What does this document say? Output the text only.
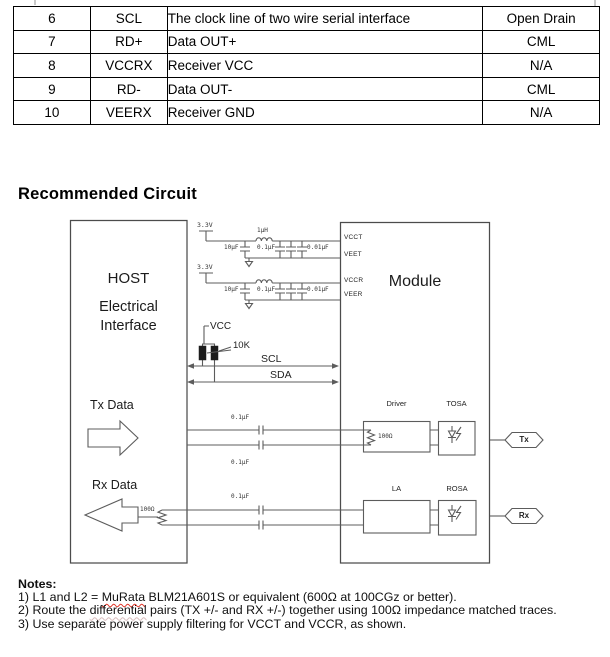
6	SCL	The clock line of two wire serial interface	Open Drain
7	RD+	Data OUT+	CML
8	VCCRX	Receiver VCC	N/A
9	RD-	Data OUT-	CML
10	VEERX	Receiver GND	N/A
Recommended Circuit
HOST
Electrical
Interface
Module
3.3V
3.3V
1μH
10μF	0.1μF	0.01μF
10μF	0.1μF	0.01μF
VCCT
VEET
VCCR
VEER
VCC
10K
SCL
SDA
Tx Data
0.1μF
0.1μF
Driver	TOSA
100Ω	Tx
Rx Data
100Ω
0.1μF
LA	ROSA
Rx
Notes:
1) L1 and L2 = MuRata BLM21A601S or equivalent (600Ω at 100CGz or better).
2) Route the differential pairs (TX +/- and RX +/-) together using 100Ω impedance matched traces.
3) Use separate power supply filtering for VCCT and VCCR, as shown.
